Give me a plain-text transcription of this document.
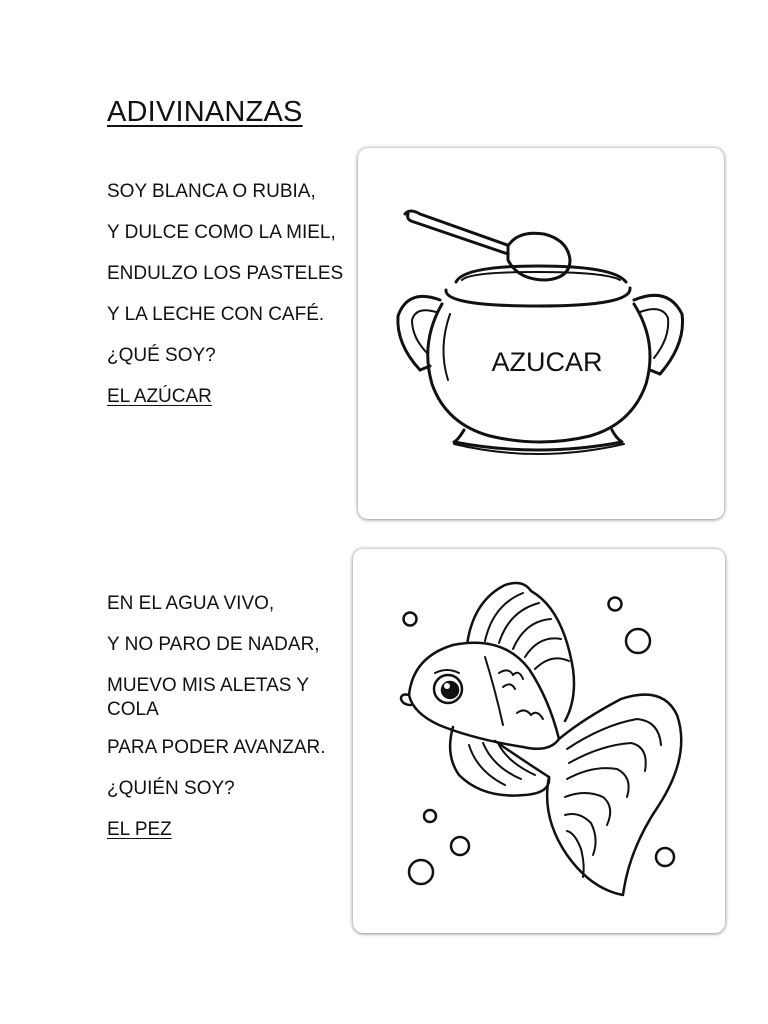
ADIVINANZAS
SOY BLANCA O RUBIA,
Y DULCE COMO LA MIEL,
ENDULZO LOS PASTELES
Y LA LECHE CON CAFÉ.
¿QUÉ SOY?
EL AZÚCAR
AZUCAR
EN EL AGUA VIVO,
Y NO PARO DE NADAR,
MUEVO MIS ALETAS Y COLA
PARA PODER AVANZAR.
¿QUIÉN SOY?
EL PEZ
